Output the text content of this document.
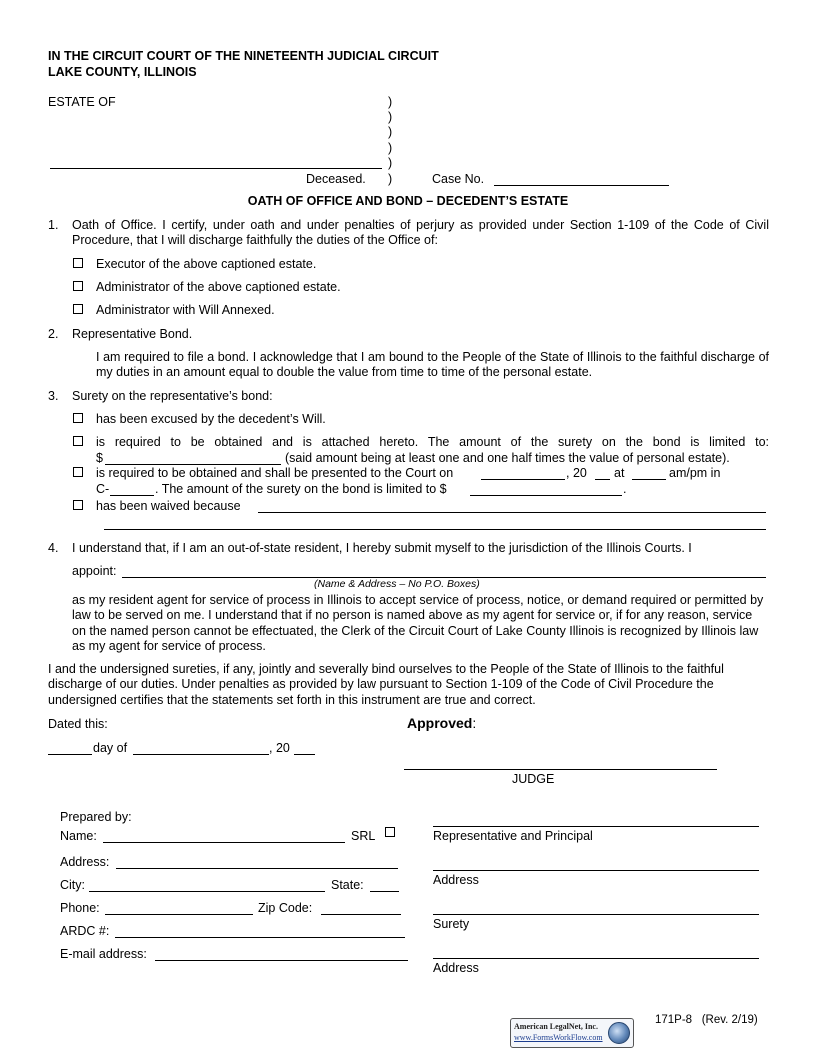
IN THE CIRCUIT COURT OF THE NINETEENTH JUDICIAL CIRCUIT
LAKE COUNTY, ILLINOIS
ESTATE OF	)
)
)
)
)
)
Deceased.	Case No.
OATH OF OFFICE AND BOND – DECEDENT’S ESTATE
1. Oath of Office. I certify, under oath and under penalties of perjury as provided under Section 1-109 of the Code of Civil Procedure, that I will discharge faithfully the duties of the Office of:
Executor of the above captioned estate.
Administrator of the above captioned estate.
Administrator with Will Annexed.
2. Representative Bond.
I am required to file a bond. I acknowledge that I am bound to the People of the State of Illinois to the faithful discharge of my duties in an amount equal to double the value from time to time of the personal estate.
3. Surety on the representative’s bond:
has been excused by the decedent’s Will.
is required to be obtained and is attached hereto. The amount of the surety on the bond is limited to:
$	(said amount being at least one and one half times the value of personal estate).
is required to be obtained and shall be presented to the Court on	, 20 at	am/pm in
C-	. The amount of the surety on the bond is limited to $	.
has been waived because
4. I understand that, if I am an out-of-state resident, I hereby submit myself to the jurisdiction of the Illinois Courts. I
appoint:
(Name & Address – No P.O. Boxes)
as my resident agent for service of process in Illinois to accept service of process, notice, or demand required or permitted by law to be served on me. I understand that if no person is named above as my agent for service or, if for any reason, service on the named person cannot be effectuated, the Clerk of the Circuit Court of Lake County Illinois is recognized by Illinois law as my agent for service of process.
I and the undersigned sureties, if any, jointly and severally bind ourselves to the People of the State of Illinois to the faithful discharge of our duties. Under penalties as provided by law pursuant to Section 1-109 of the Code of Civil Procedure the undersigned certifies that the statements set forth in this instrument are true and correct.
Dated this:	Approved:
day of	, 20
JUDGE
Prepared by:
Name:	SRL
Address:
City:	State:
Phone:	Zip Code:
ARDC #:
E-mail address:
Representative and Principal
Address
Surety
Address
171P-8 (Rev. 2/19)
American LegalNet, Inc.
www.FormsWorkFlow.com
